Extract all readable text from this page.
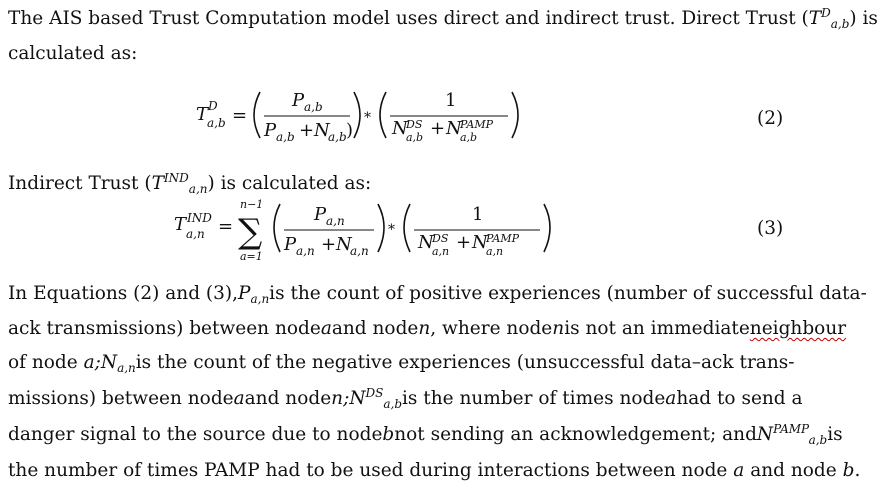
The AIS based Trust Computation model uses direct and indirect trust. Direct Trust $(T^D_{a,b})$ is
calculated as:
T D
a,b =
P a,b
P a,b + N
a,b )
*
1
N
DS
a,b + N
PAMP
a,b
(2)
Indirect Trust $(T^{IND}_{a,n})$ is calculated as:
T IND
a,n =
n−1
∑
a=1
P a,n
P a,n + N
a,n
*
1
N
DS
a,n + N
PAMP
a,n
(3)
In Equations (2) and (3), $P_{a,n}$ is the count of positive experiences (number of successful data-
ack transmissions) between node a and node n , where node n is not an immediate neighbour
of node a; $N_{a,n}$ is the count of the negative experiences (unsuccessful data–ack trans-
missions) between node a and node n; $N^{DS}_{a,b}$ is the number of times node a had to send a
danger signal to the source due to node b not sending an acknowledgement; and $N^{PAMP}_{a,b}$ is
the number of times PAMP had to be used during interactions between node a and node b.
